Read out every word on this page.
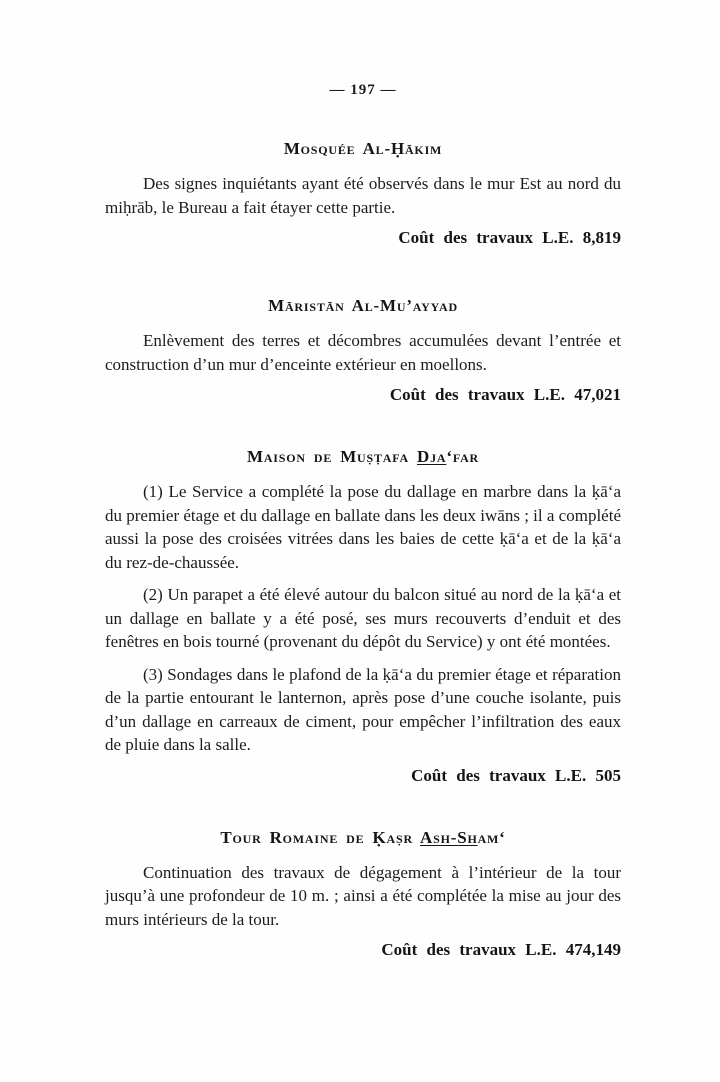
— 197 —
Mosquée Al-Ḥākim

Des signes inquiétants ayant été observés dans le mur Est au nord du miḥrāb, le Bureau a fait étayer cette partie.

Coût des travaux L.E. 8,819

Māristān Al-Mu’ayyad

Enlèvement des terres et décombres accumulées devant l’entrée et construction d’un mur d’enceinte extérieur en moellons.

Coût des travaux L.E. 47,021

Maison de Muṣṭafa Dja‘far

(1) Le Service a complété la pose du dallage en marbre dans la ḳā‘a du premier étage et du dallage en ballate dans les deux iwāns ; il a complété aussi la pose des croisées vitrées dans les baies de cette ḳā‘a et de la ḳā‘a du rez-de-chaussée.

(2) Un parapet a été élevé autour du balcon situé au nord de la ḳā‘a et un dallage en ballate y a été posé, ses murs recouverts d’enduit et des fenêtres en bois tourné (provenant du dépôt du Service) y ont été montées.

(3) Sondages dans le plafond de la ḳā‘a du premier étage et réparation de la partie entourant le lanternon, après pose d’une couche isolante, puis d’un dallage en carreaux de ciment, pour empêcher l’infiltration des eaux de pluie dans la salle.

Coût des travaux L.E. 505

Tour Romaine de Ḳaṣr Ash-Sham‘

Continuation des travaux de dégagement à l’intérieur de la tour jusqu’à une profondeur de 10 m. ; ainsi a été complétée la mise au jour des murs intérieurs de la tour.

Coût des travaux L.E. 474,149
